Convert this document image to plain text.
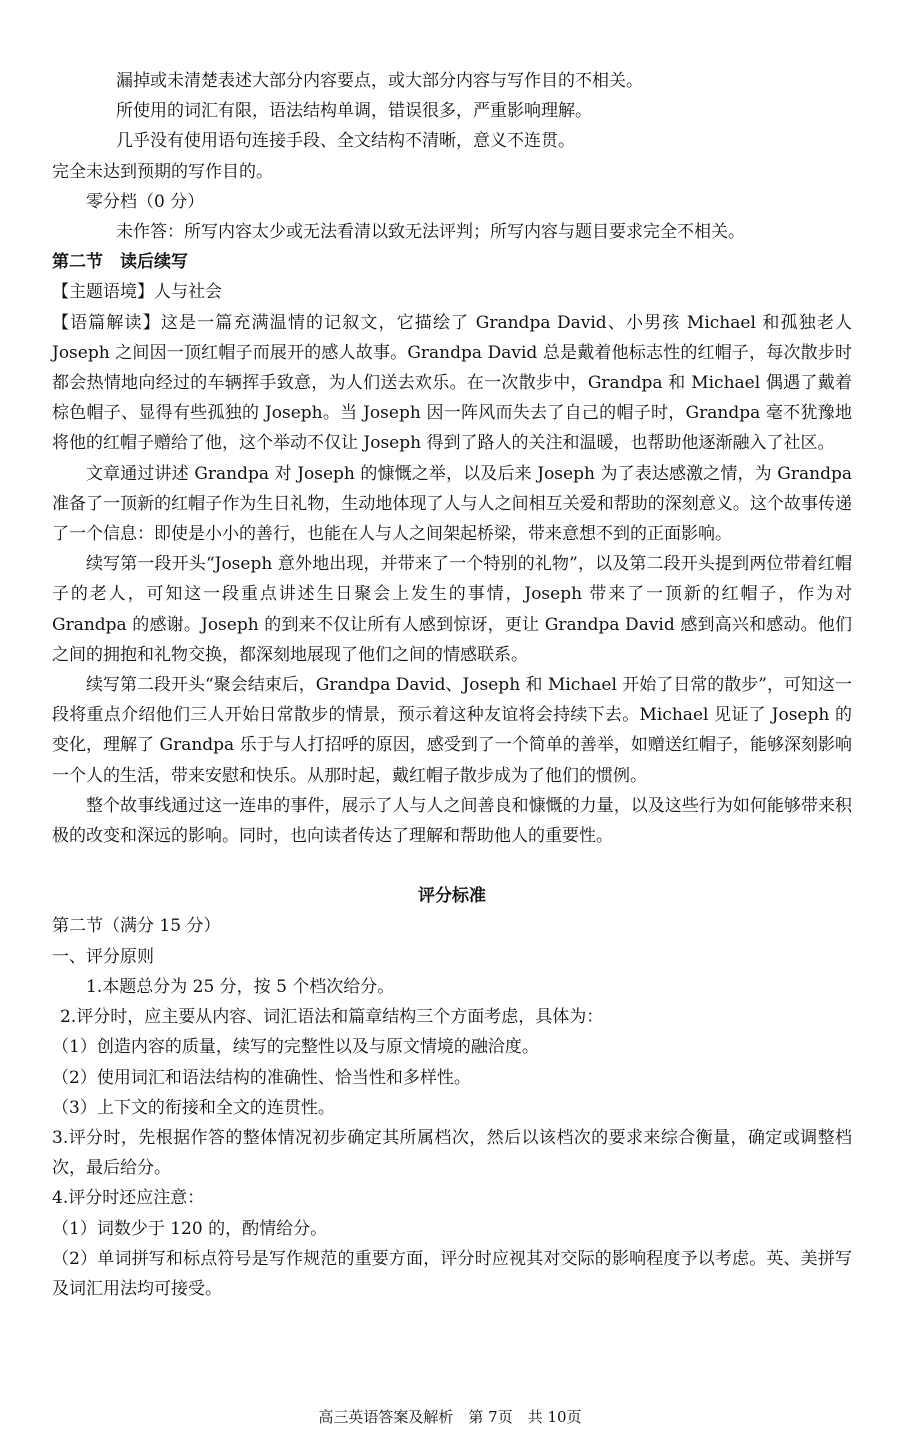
漏掉或未清楚表述大部分内容要点，或大部分内容与写作目的不相关。
所使用的词汇有限，语法结构单调，错误很多，严重影响理解。
几乎没有使用语句连接手段、全文结构不清晰，意义不连贯。
完全未达到预期的写作目的。
零分档（0 分）
未作答：所写内容太少或无法看清以致无法评判；所写内容与题目要求完全不相关。
第二节　读后续写
【主题语境】人与社会
【语篇解读】这是一篇充满温情的记叙文，它描绘了 Grandpa David、小男孩 Michael 和孤独老人 Joseph 之间因一顶红帽子而展开的感人故事。Grandpa David 总是戴着他标志性的红帽子，每次散步时都会热情地向经过的车辆挥手致意，为人们送去欢乐。在一次散步中，Grandpa 和 Michael 偶遇了戴着棕色帽子、显得有些孤独的 Joseph。当 Joseph 因一阵风而失去了自己的帽子时，Grandpa 毫不犹豫地将他的红帽子赠给了他，这个举动不仅让 Joseph 得到了路人的关注和温暖，也帮助他逐渐融入了社区。
文章通过讲述 Grandpa 对 Joseph 的慷慨之举，以及后来 Joseph 为了表达感激之情，为 Grandpa 准备了一顶新的红帽子作为生日礼物，生动地体现了人与人之间相互关爱和帮助的深刻意义。这个故事传递了一个信息：即使是小小的善行，也能在人与人之间架起桥梁，带来意想不到的正面影响。
续写第一段开头“Joseph 意外地出现，并带来了一个特别的礼物”，以及第二段开头提到两位带着红帽子的老人，可知这一段重点讲述生日聚会上发生的事情，Joseph 带来了一顶新的红帽子，作为对 Grandpa 的感谢。Joseph 的到来不仅让所有人感到惊讶，更让 Grandpa David 感到高兴和感动。他们之间的拥抱和礼物交换，都深刻地展现了他们之间的情感联系。
续写第二段开头“聚会结束后，Grandpa David、Joseph 和 Michael 开始了日常的散步”，可知这一段将重点介绍他们三人开始日常散步的情景，预示着这种友谊将会持续下去。Michael 见证了 Joseph 的变化，理解了 Grandpa 乐于与人打招呼的原因，感受到了一个简单的善举，如赠送红帽子，能够深刻影响一个人的生活，带来安慰和快乐。从那时起，戴红帽子散步成为了他们的惯例。
整个故事线通过这一连串的事件，展示了人与人之间善良和慷慨的力量，以及这些行为如何能够带来积极的改变和深远的影响。同时，也向读者传达了理解和帮助他人的重要性。
评分标准
第二节（满分 15 分）
一、评分原则
1.本题总分为 25 分，按 5 个档次给分。
2.评分时，应主要从内容、词汇语法和篇章结构三个方面考虑，具体为：
（1）创造内容的质量，续写的完整性以及与原文情境的融洽度。
（2）使用词汇和语法结构的准确性、恰当性和多样性。
（3）上下文的衔接和全文的连贯性。
3.评分时，先根据作答的整体情况初步确定其所属档次，然后以该档次的要求来综合衡量，确定或调整档次，最后给分。
4.评分时还应注意：
（1）词数少于 120 的，酌情给分。
（2）单词拼写和标点符号是写作规范的重要方面，评分时应视其对交际的影响程度予以考虑。英、美拼写及词汇用法均可接受。
高三英语答案及解析　第 7页　共 10页
